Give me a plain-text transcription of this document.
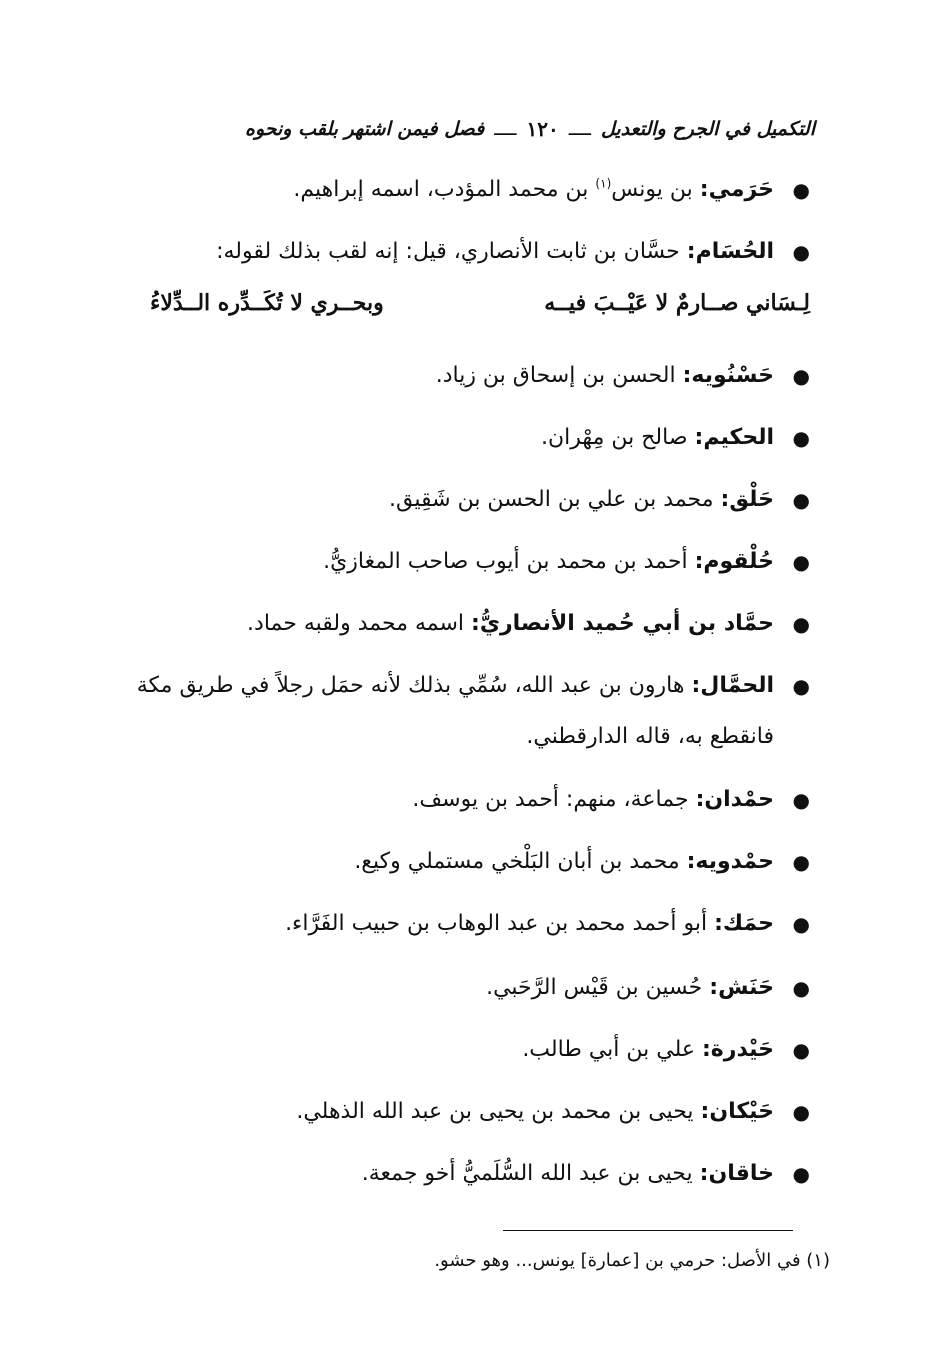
التكميل في الجرح والتعديل
ــــ
١٢٠
ــــ
فصل فيمن اشتهر بلقب ونحوه
●
حَرَمي: بن يونس$^{(١)}$ بن محمد المؤدب، اسمه إبراهيم.
●
الحُسَام: حسَّان بن ثابت الأنصاري، قيل: إنه لقب بذلك لقوله:
●
حَسْنُويه: الحسن بن إسحاق بن زياد.
●
الحكيم: صالح بن مِهْران.
●
حَلْق: محمد بن علي بن الحسن بن شَقِيق.
●
حُلْقوم: أحمد بن محمد بن أيوب صاحب المغازيُّ.
●
حمَّاد بن أبي حُميد الأنصاريُّ: اسمه محمد ولقبه حماد.
●
الحمَّال: هارون بن عبد الله، سُمِّي بذلك لأنه حمَل رجلاً في طريق مكة
فانقطع به، قاله الدارقطني.
●
حمْدان: جماعة، منهم: أحمد بن يوسف.
●
حمْدويه: محمد بن أبان البَلْخي مستملي وكيع.
●
حمَك: أبو أحمد محمد بن عبد الوهاب بن حبيب الفَرَّاء.
●
حَنَش: حُسين بن قَيْس الرَّحَبي.
●
حَيْدرة: علي بن أبي طالب.
●
حَيْكان: يحيى بن محمد بن يحيى بن عبد الله الذهلي.
●
خاقان: يحيى بن عبد الله السُّلَميُّ أخو جمعة.
لِـسَاني صــارمٌ لا عَيْــبَ فيــه
وبحــري لا تُكَــدِّره الــدِّلاءُ
(١) في الأصل: حرمي بن [عمارة] يونس... وهو حشو.
